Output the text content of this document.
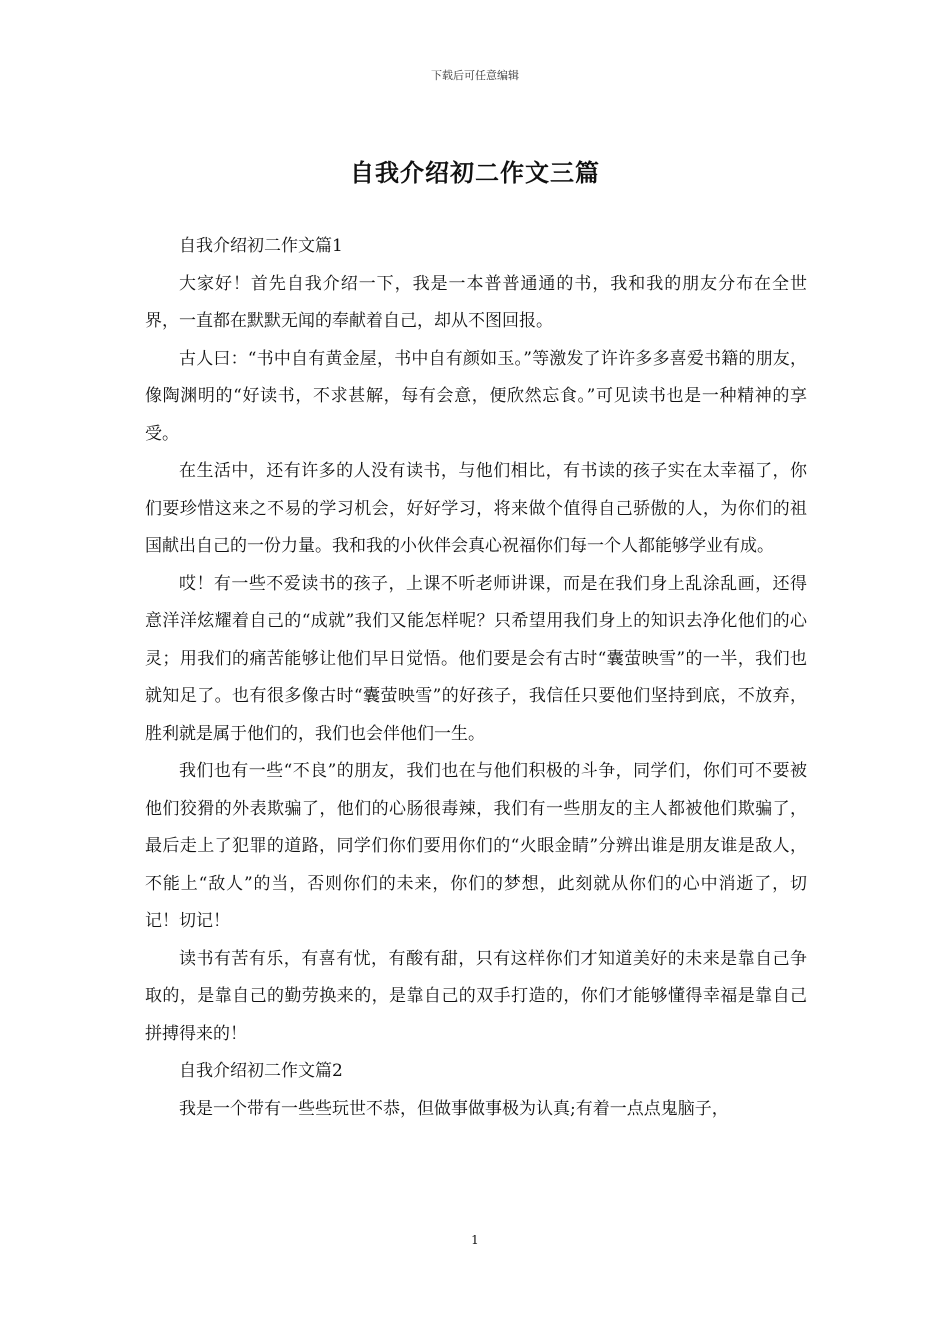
下载后可任意编辑
自我介绍初二作文三篇

自我介绍初二作文篇1

大家好！首先自我介绍一下，我是一本普普通通的书，我和我的朋友分布在全世界，一直都在默默无闻的奉献着自己，却从不图回报。

古人曰：“书中自有黄金屋，书中自有颜如玉。”等激发了许许多多喜爱书籍的朋友，像陶渊明的“好读书，不求甚解，每有会意，便欣然忘食。”可见读书也是一种精神的享受。

在生活中，还有许多的人没有读书，与他们相比，有书读的孩子实在太幸福了，你们要珍惜这来之不易的学习机会，好好学习，将来做个值得自己骄傲的人，为你们的祖国献出自己的一份力量。我和我的小伙伴会真心祝福你们每一个人都能够学业有成。

哎！有一些不爱读书的孩子，上课不听老师讲课，而是在我们身上乱涂乱画，还得意洋洋炫耀着自己的“成就”我们又能怎样呢？只希望用我们身上的知识去净化他们的心灵；用我们的痛苦能够让他们早日觉悟。他们要是会有古时“囊萤映雪”的一半，我们也就知足了。也有很多像古时“囊萤映雪”的好孩子，我信任只要他们坚持到底，不放弃，胜利就是属于他们的，我们也会伴他们一生。

我们也有一些“不良”的朋友，我们也在与他们积极的斗争，同学们，你们可不要被他们狡猾的外表欺骗了，他们的心肠很毒辣，我们有一些朋友的主人都被他们欺骗了，最后走上了犯罪的道路，同学们你们要用你们的“火眼金睛”分辨出谁是朋友谁是敌人，不能上“敌人”的当，否则你们的未来，你们的梦想，此刻就从你们的心中消逝了，切记！切记！

读书有苦有乐，有喜有忧，有酸有甜，只有这样你们才知道美好的未来是靠自己争取的，是靠自己的勤劳换来的，是靠自己的双手打造的，你们才能够懂得幸福是靠自己拼搏得来的！

自我介绍初二作文篇2

我是一个带有一些些玩世不恭，但做事做事极为认真;有着一点点鬼脑子，

1
